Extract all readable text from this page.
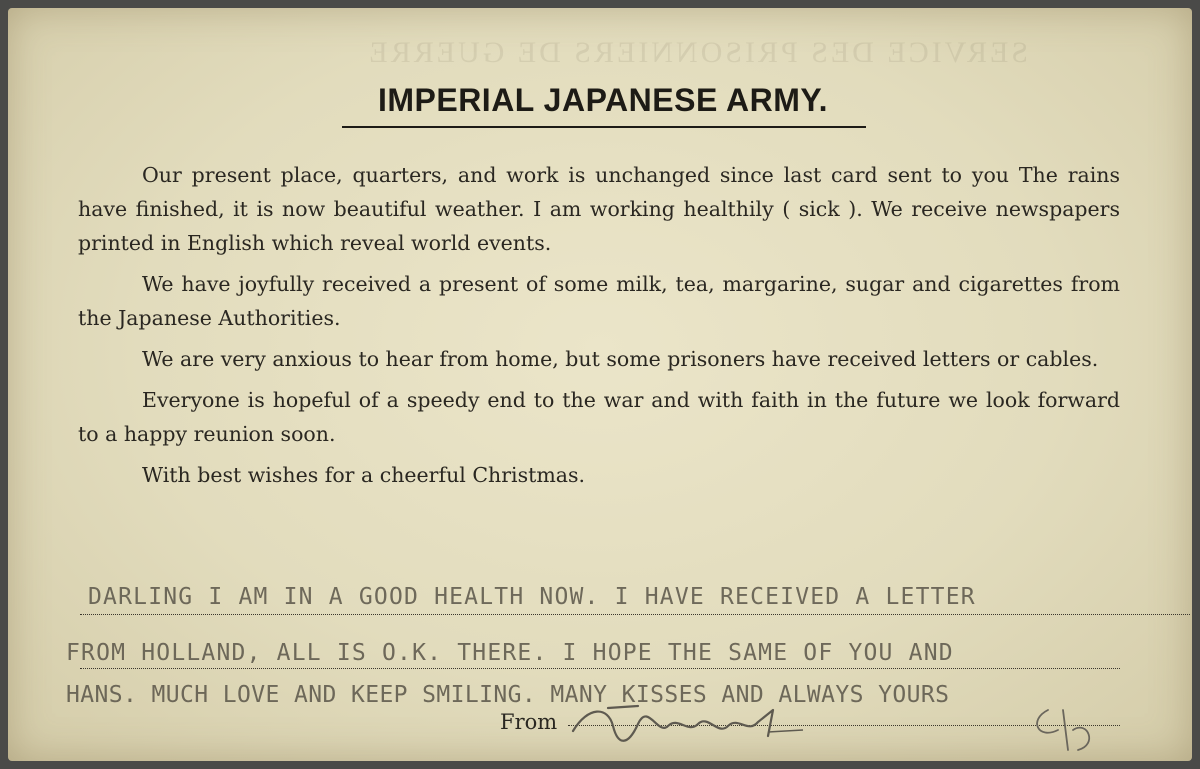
SERVICE DES PRISONNIERS DE GUERRE
IMPERIAL JAPANESE ARMY.

Our present place, quarters, and work is unchanged since last card sent to you The rains have finished, it is now beautiful weather. I am working healthily ( sick ). We receive newspapers printed in English which reveal world events.

We have joyfully received a present of some milk, tea, margarine, sugar and cigarettes from the Japanese Authorities.

We are very anxious to hear from home, but some prisoners have received letters or cables.

Everyone is hopeful of a speedy end to the war and with faith in the future we look forward to a happy reunion soon.

With best wishes for a cheerful Christmas.

DARLING I AM IN A GOOD HEALTH NOW. I HAVE RECEIVED A LETTER
FROM HOLLAND, ALL IS O.K. THERE. I HOPE THE SAME OF YOU AND
HANS. MUCH LOVE AND KEEP SMILING. MANY KISSES AND ALWAYS YOURS
From
